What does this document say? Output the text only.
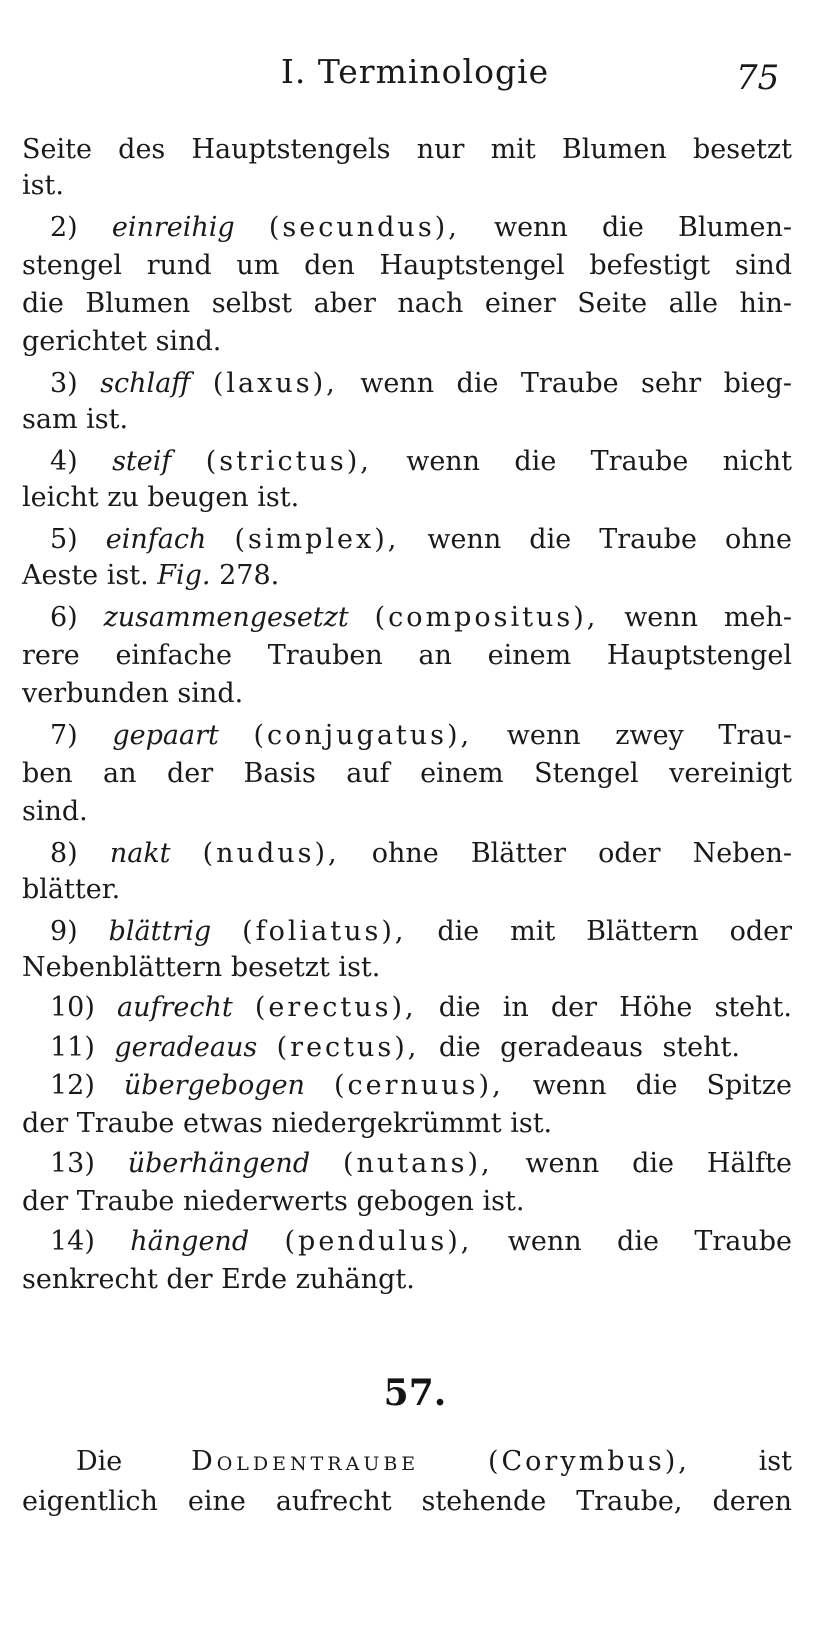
I. Terminologie	75
Seite des Hauptstengels nur mit Blumen besetzt
ist.
2) einreihig (secundus), wenn die Blumen-
stengel rund um den Hauptstengel befestigt sind
die Blumen selbst aber nach einer Seite alle hin-
gerichtet sind.
3) schlaff (laxus), wenn die Traube sehr bieg-
sam ist.
4) steif (strictus), wenn die Traube nicht
leicht zu beugen ist.
5) einfach (simplex), wenn die Traube ohne
Aeste ist. Fig. 278.
6) zusammengesetzt (compositus), wenn meh-
rere einfache Trauben an einem Hauptstengel
verbunden sind.
7) gepaart (conjugatus), wenn zwey Trau-
ben an der Basis auf einem Stengel vereinigt
sind.
8) nakt (nudus), ohne Blätter oder Neben-
blätter.
9) blättrig (foliatus), die mit Blättern oder
Nebenblättern besetzt ist.
10) aufrecht (erectus), die in der Höhe steht.
11) geradeaus (rectus), die geradeaus steht.
12) übergebogen (cernuus), wenn die Spitze
der Traube etwas niedergekrümmt ist.
13) überhängend (nutans), wenn die Hälfte
der Traube niederwerts gebogen ist.
14) hängend (pendulus), wenn die Traube
senkrecht der Erde zuhängt.
57.
Die	Doldentraube	(Corymbus),	ist
eigentlich eine aufrecht stehende Traube, deren
